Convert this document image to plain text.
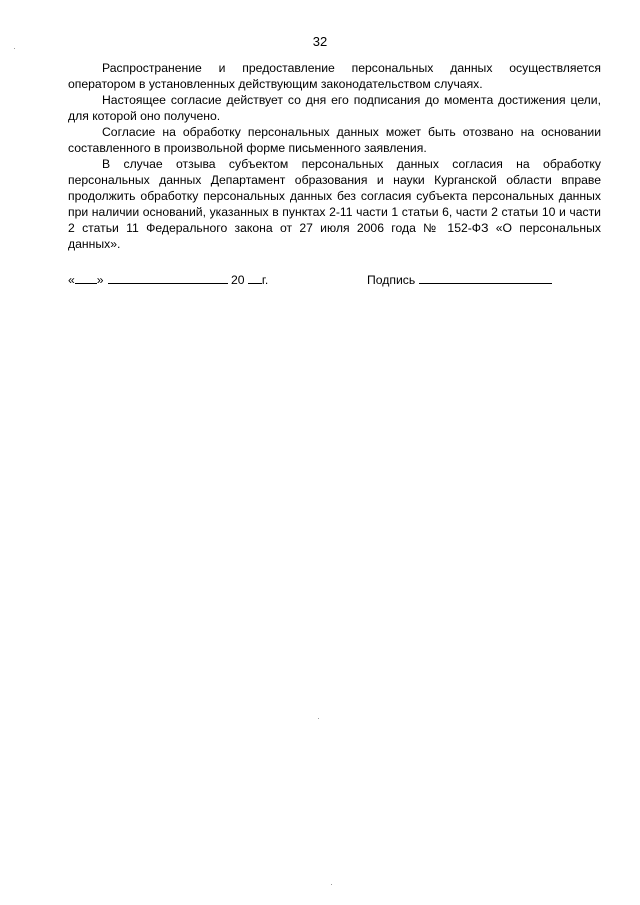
32

Распространение и предоставление персональных данных осуществляется оператором в установленных действующим законодательством случаях.

Настоящее согласие действует со дня его подписания до момента достижения цели, для которой оно получено.

Согласие на обработку персональных данных может быть отозвано на основании составленного в произвольной форме письменного заявления.

В случае отзыва субъектом персональных данных согласия на обработку персональных данных Департамент образования и науки Курганской области вправе продолжить обработку персональных данных без согласия субъекта персональных данных при наличии оснований, указанных в пунктах 2-11 части 1 статьи 6, части 2 статьи 10 и части 2 статьи 11 Федерального закона от 27 июля 2006 года № 152-ФЗ «О персональных данных».

« »	20 г.	Подпись
